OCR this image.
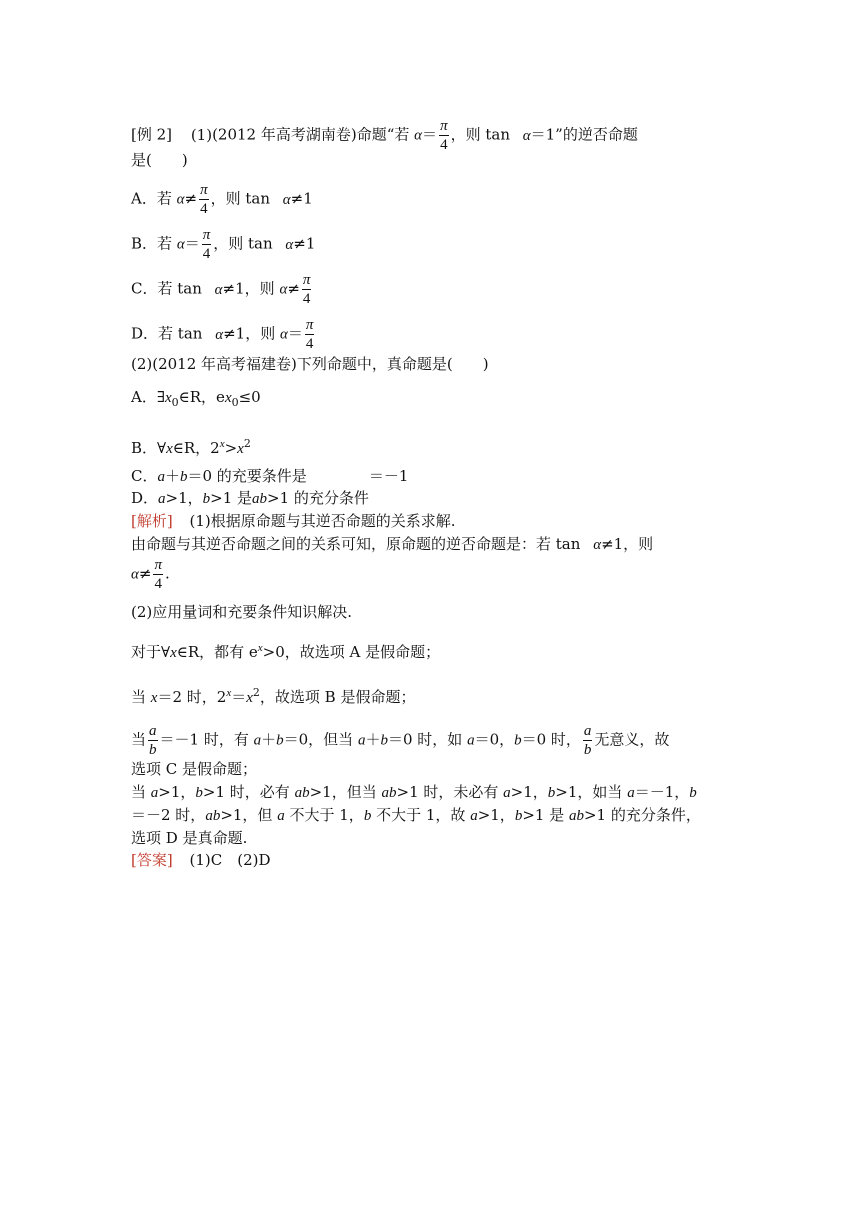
[例 2] (1)(2012 年高考湖南卷)命题“若 $\alpha= \frac{\pi}{4}$ ，则 tan α＝1”的逆否命题
是(　　)
A．若 $\alpha\ne \frac{\pi}{4}$ ，则 tan α≠1
B．若 $\alpha= \frac{\pi}{4}$ ，则 tan α≠1
C．若 tan α≠1，则 $\alpha\ne \frac{\pi}{4}$
D．若 tan α≠1，则 $\alpha= \frac{\pi}{4}$
(2)(2012 年高考福建卷)下列命题中，真命题是(　　)
A．$\exists x_0\in R$，$ex_0\le 0$
B．∀x∈R，$2^x>x^2$
C．a＋b＝0 的充要条件是	＝－1
D．a>1，b>1 是ab>1 的充分条件
[解析] (1)根据原命题与其逆否命题的关系求解.
由命题与其逆否命题之间的关系可知，原命题的逆否命题是：若 tan α≠1，则
$\alpha\ne \frac{\pi}{4}$ .
(2)应用量词和充要条件知识解决.
对于∀x∈R，都有 $e^x>0$，故选项 A 是假命题；
当 x＝2 时，$2^x=x^2$，故选项 B 是假命题；
当 $\frac{a}{b} =-1$ 时，有 a＋b＝0，但当 a＋b＝0 时，如 a＝0，b＝0 时， $\frac{a}{b}$ 无意义，故
选项 C 是假命题；
当 a>1，b>1 时，必有 ab>1，但当 ab>1 时，未必有 a>1，b>1，如当 a＝－1，b
＝－2 时，ab>1，但 a 不大于 1，b 不大于 1，故 a>1，b>1 是 ab>1 的充分条件，
选项 D 是真命题.
[答案] (1)C　(2)D
